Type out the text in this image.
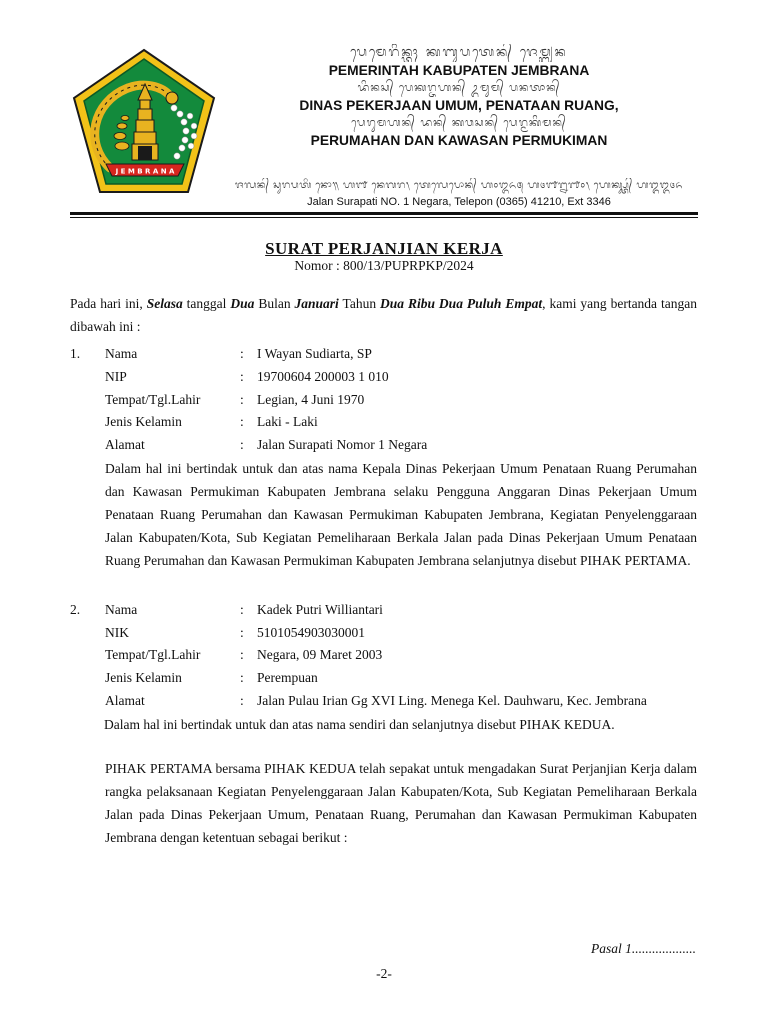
J E M B R A N A
ᬧᬾᬫᬾᬭᬶᬦ᭄ᬢᬄ ᬓᬩᬸᬧᬢᬾᬦ᭄ ᬚᬾᬫ᭄ᬩ᭄ᬭᬦ
PEMERINTAH KABUPATEN JEMBRANA
ᬤᬶᬦᬲ᭄ ᬧᬾᬓᬭ᭄ᬚᬳᬦ᭄ ᬉᬫᬸᬫ᭄ ᬧᬦᬢᬵᬦ᭄
DINAS PEKERJAAN UMUM, PENATAAN RUANG,
ᬧᬾᬭᬸᬫᬳᬦ᭄ ᬤᬦ᭄ ᬓᬯᬲᬦ᭄ ᬧᬾᬭ᭄ᬫᬸᬓᬶᬫᬦ᭄
PERUMAHAN DAN KAWASAN PERMUKIMAN
ᬚᬮᬦ᭄ ᬲᬸᬭᬧᬢᬶ ᬦᭀ᭟ ᬳ᭑ ᬦᬾᬕᬭ᭞ ᬢᬾᬮᬾᬧᭀᬦ᭄ ᬳ᭐᭓᭖᭕ ᬳ᭔᭑᭒᭑᭐᭞ ᬳᬾᬓ᭄ᬲ᭄ᬢ᭄ ᬳ᭓᭓᭔᭖
Jalan Surapati NO. 1 Negara, Telepon (0365) 41210, Ext 3346
SURAT PERJANJIAN KERJA
Nomor : 800/13/PUPRPKP/2024
Pada hari ini, Selasa tanggal Dua Bulan Januari Tahun Dua Ribu Dua Puluh Empat, kami yang bertanda tangan dibawah ini :
1. Nama	: I Wayan Sudiarta, SP
NIP	: 19700604 200003 1 010
Tempat/Tgl.Lahir	: Legian, 4 Juni 1970
Jenis Kelamin	: Laki - Laki
Alamat	: Jalan Surapati Nomor 1 Negara
Dalam hal ini bertindak untuk dan atas nama Kepala Dinas Pekerjaan Umum Penataan Ruang Perumahan dan Kawasan Permukiman Kabupaten Jembrana selaku Pengguna Anggaran Dinas Pekerjaan Umum Penataan Ruang Perumahan dan Kawasan Permukiman Kabupaten Jembrana, Kegiatan Penyelenggaraan Jalan Kabupaten/Kota, Sub Kegiatan Pemeliharaan Berkala Jalan pada Dinas Pekerjaan Umum Penataan Ruang Perumahan dan Kawasan Permukiman Kabupaten Jembrana selanjutnya disebut PIHAK PERTAMA.
2. Nama	: Kadek Putri Williantari
NIK	: 5101054903030001
Tempat/Tgl.Lahir	: Negara, 09 Maret 2003
Jenis Kelamin	: Perempuan
Alamat	: Jalan Pulau Irian Gg XVI Ling. Menega Kel. Dauhwaru, Kec. Jembrana
Dalam hal ini bertindak untuk dan atas nama sendiri dan selanjutnya disebut PIHAK KEDUA.
PIHAK PERTAMA bersama PIHAK KEDUA telah sepakat untuk mengadakan Surat Perjanjian Kerja dalam rangka pelaksanaan Kegiatan Penyelenggaraan Jalan Kabupaten/Kota, Sub Kegiatan Pemeliharaan Berkala Jalan pada Dinas Pekerjaan Umum, Penataan Ruang, Perumahan dan Kawasan Permukiman Kabupaten Jembrana dengan ketentuan sebagai berikut :
Pasal 1...................
-2-
